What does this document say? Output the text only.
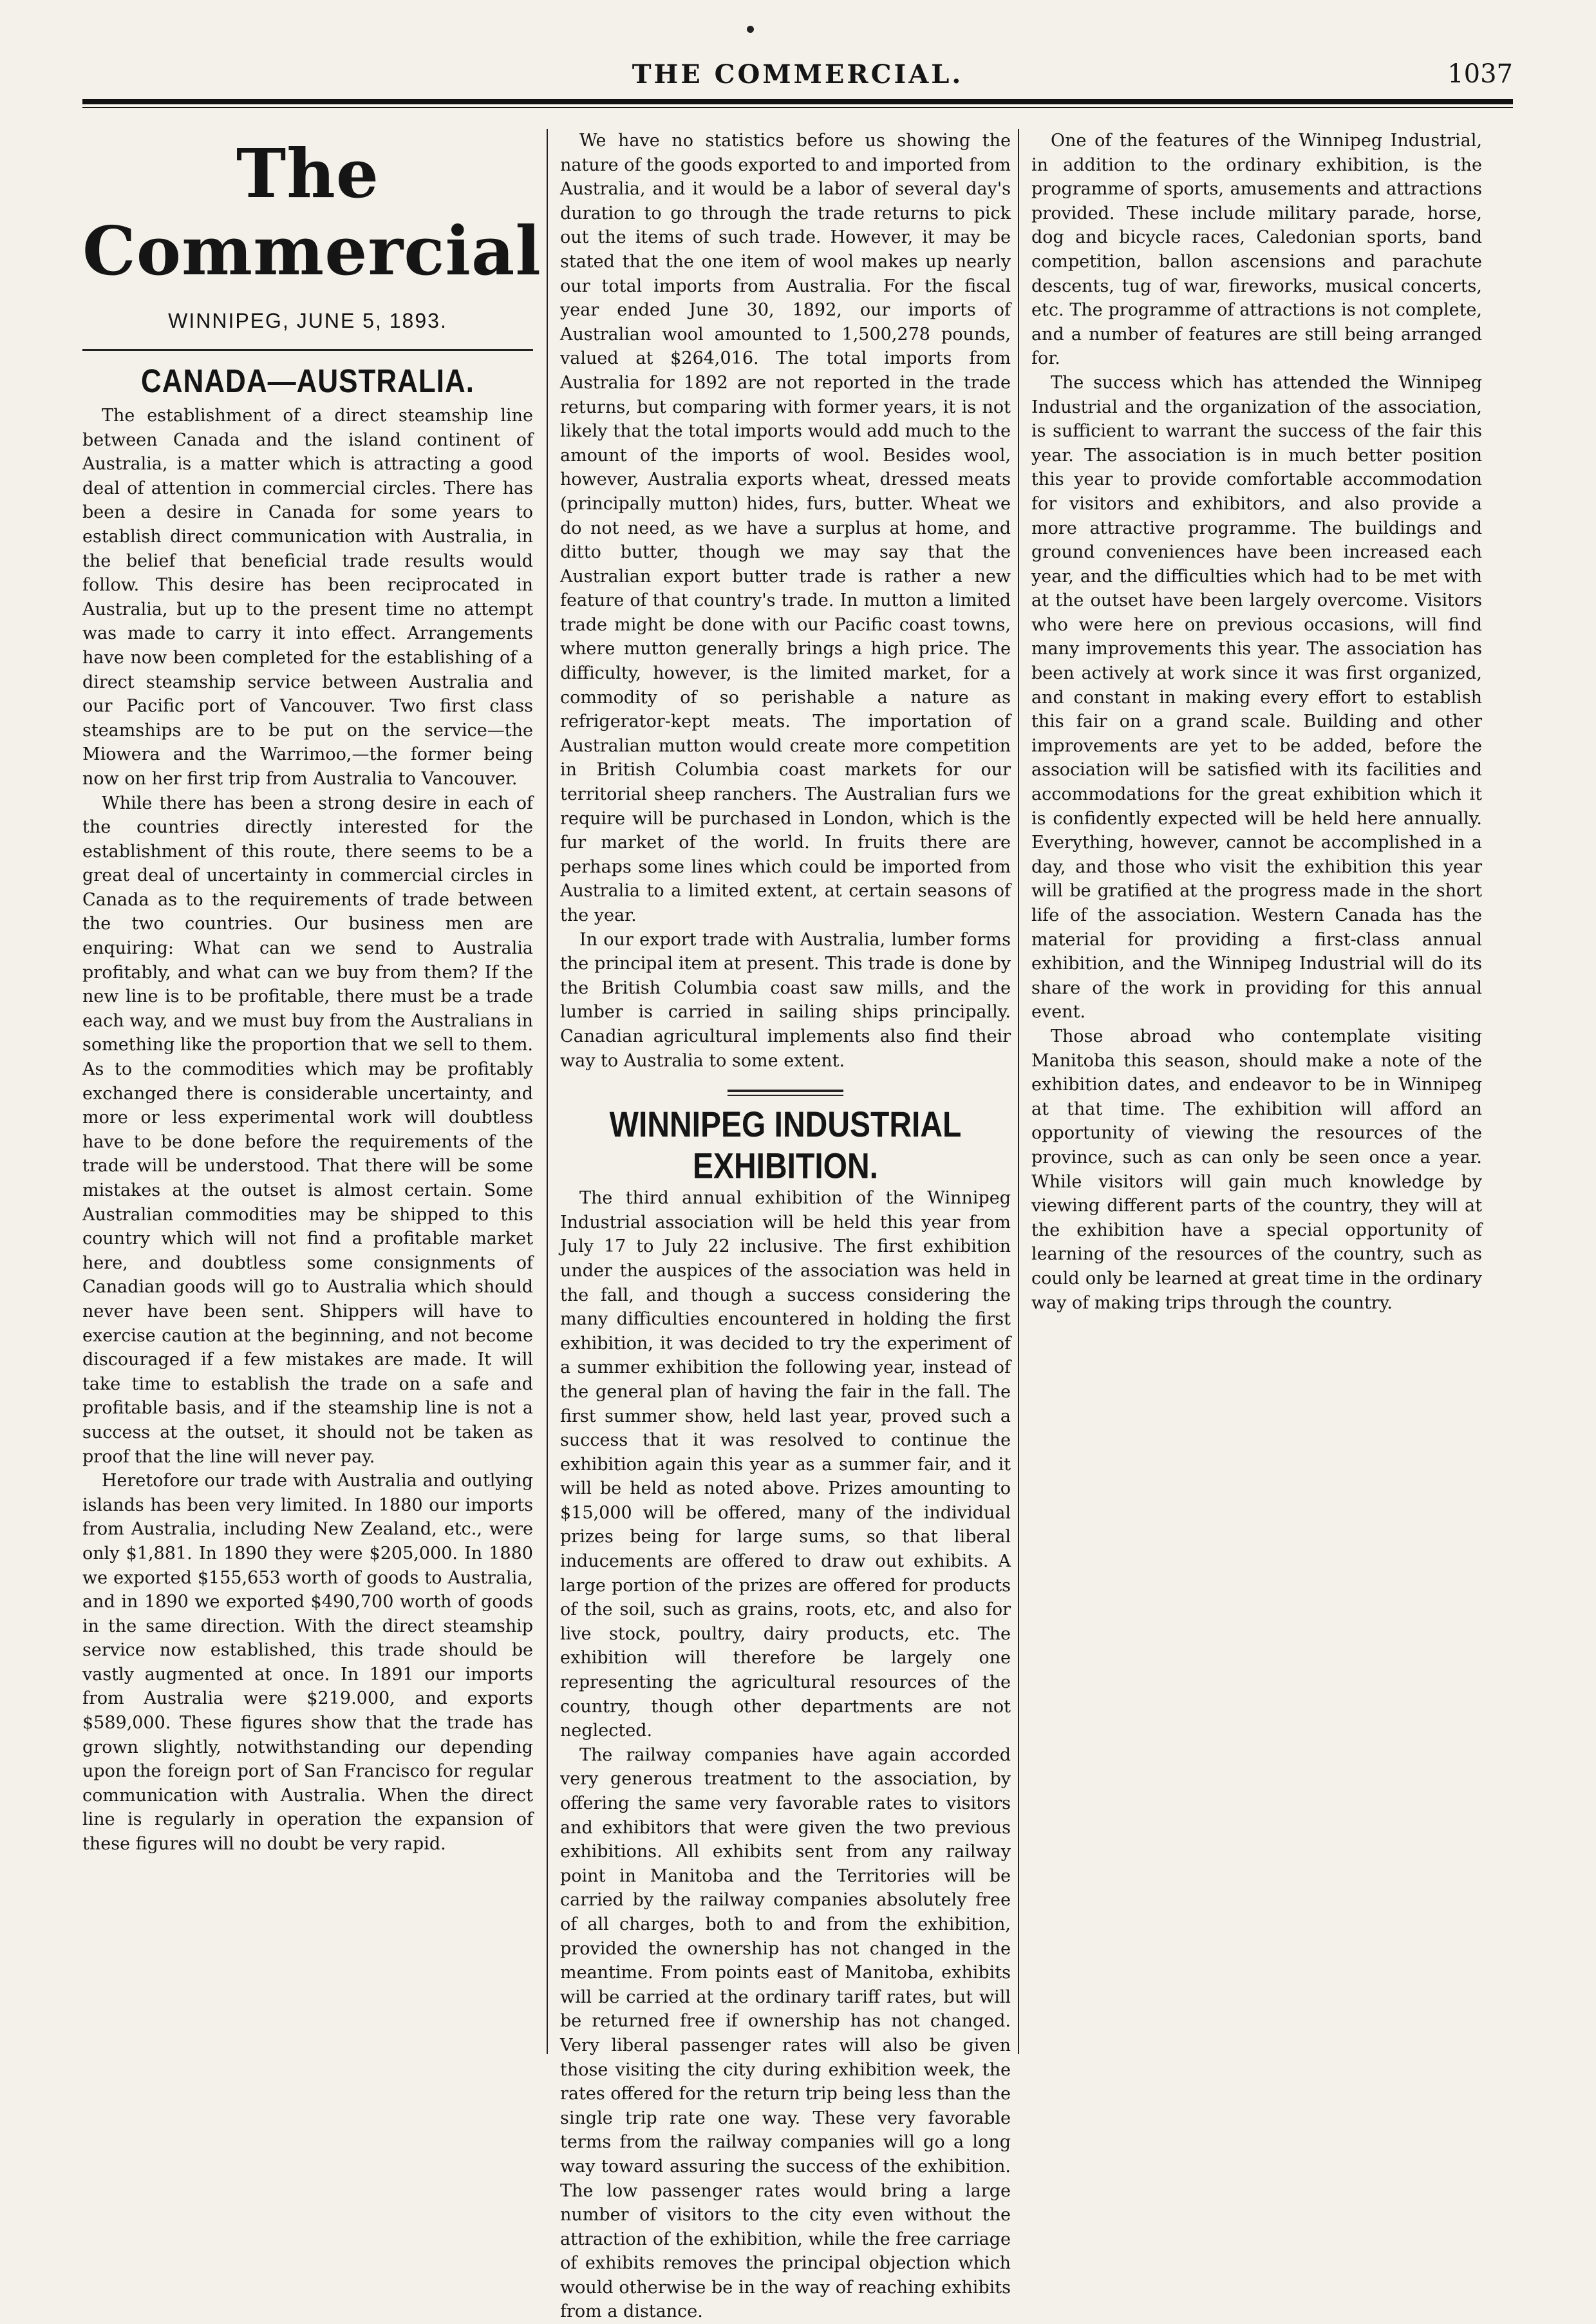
THE COMMERCIAL.	1037
The Commercial
WINNIPEG, JUNE 5, 1893.
CANADA—AUSTRALIA.

The establishment of a direct steamship line between Canada and the island continent of Australia, is a matter which is attracting a good deal of attention in commercial circles. There has been a desire in Canada for some years to establish direct communication with Australia, in the belief that beneficial trade results would follow. This desire has been reciprocated in Australia, but up to the present time no attempt was made to carry it into effect. Arrangements have now been completed for the establishing of a direct steamship service between Australia and our Pacific port of Vancouver. Two first class steamships are to be put on the service—the Miowera and the Warrimoo,—the former being now on her first trip from Australia to Vancouver.

While there has been a strong desire in each of the countries directly interested for the establishment of this route, there seems to be a great deal of uncertainty in commercial circles in Canada as to the requirements of trade between the two countries. Our business men are enquiring: What can we send to Australia profitably, and what can we buy from them? If the new line is to be profitable, there must be a trade each way, and we must buy from the Australians in something like the proportion that we sell to them. As to the commodities which may be profitably exchanged there is considerable uncertainty, and more or less experimental work will doubtless have to be done before the requirements of the trade will be understood. That there will be some mistakes at the outset is almost certain. Some Australian commodities may be shipped to this country which will not find a profitable market here, and doubtless some consignments of Canadian goods will go to Australia which should never have been sent. Shippers will have to exercise caution at the beginning, and not become discouraged if a few mistakes are made. It will take time to establish the trade on a safe and profitable basis, and if the steamship line is not a success at the outset, it should not be taken as proof that the line will never pay.

Heretofore our trade with Australia and outlying islands has been very limited. In 1880 our imports from Australia, including New Zealand, etc., were only $1,881. In 1890 they were $205,000. In 1880 we exported $155,653 worth of goods to Australia, and in 1890 we exported $490,700 worth of goods in the same direction. With the direct steamship service now established, this trade should be vastly augmented at once. In 1891 our imports from Australia were $219.000, and exports $589,000. These figures show that the trade has grown slightly, notwithstanding our depending upon the foreign port of San Francisco for regular communication with Australia. When the direct line is regularly in operation the expansion of these figures will no doubt be very rapid.

We have no statistics before us showing the nature of the goods exported to and imported from Australia, and it would be a labor of several day's duration to go through the trade returns to pick out the items of such trade. However, it may be stated that the one item of wool makes up nearly our total imports from Australia. For the fiscal year ended June 30, 1892, our imports of Australian wool amounted to 1,500,278 pounds, valued at $264,016. The total imports from Australia for 1892 are not reported in the trade returns, but comparing with former years, it is not likely that the total imports would add much to the amount of the imports of wool. Besides wool, however, Australia exports wheat, dressed meats (principally mutton) hides, furs, butter. Wheat we do not need, as we have a surplus at home, and ditto butter, though we may say that the Australian export butter trade is rather a new feature of that country's trade. In mutton a limited trade might be done with our Pacific coast towns, where mutton generally brings a high price. The difficulty, however, is the limited market, for a commodity of so perishable a nature as refrigerator-kept meats. The importation of Australian mutton would create more competition in British Columbia coast markets for our territorial sheep ranchers. The Australian furs we require will be purchased in London, which is the fur market of the world. In fruits there are perhaps some lines which could be imported from Australia to a limited extent, at certain seasons of the year.

In our export trade with Australia, lumber forms the principal item at present. This trade is done by the British Columbia coast saw mills, and the lumber is carried in sailing ships principally. Canadian agricultural implements also find their way to Australia to some extent.

WINNIPEG INDUSTRIAL EXHIBITION.

The third annual exhibition of the Winnipeg Industrial association will be held this year from July 17 to July 22 inclusive. The first exhibition under the auspices of the association was held in the fall, and though a success considering the many difficulties encountered in holding the first exhibition, it was decided to try the experiment of a summer exhibition the following year, instead of the general plan of having the fair in the fall. The first summer show, held last year, proved such a success that it was resolved to continue the exhibition again this year as a summer fair, and it will be held as noted above. Prizes amounting to $15,000 will be offered, many of the individual prizes being for large sums, so that liberal inducements are offered to draw out exhibits. A large portion of the prizes are offered for products of the soil, such as grains, roots, etc, and also for live stock, poultry, dairy products, etc. The exhibition will therefore be largely one representing the agricultural resources of the country, though other departments are not neglected.

The railway companies have again accorded very generous treatment to the association, by offering the same very favorable rates to visitors and exhibitors that were given the two previous exhibitions. All exhibits sent from any railway point in Manitoba and the Territories will be carried by the railway companies absolutely free of all charges, both to and from the exhibition, provided the ownership has not changed in the meantime. From points east of Manitoba, exhibits will be carried at the ordinary tariff rates, but will be returned free if ownership has not changed. Very liberal passenger rates will also be given those visiting the city during exhibition week, the rates offered for the return trip being less than the single trip rate one way. These very favorable terms from the railway companies will go a long way toward assuring the success of the exhibition. The low passenger rates would bring a large number of visitors to the city even without the attraction of the exhibition, while the free carriage of exhibits removes the principal objection which would otherwise be in the way of reaching exhibits from a distance.

One of the features of the Winnipeg Industrial, in addition to the ordinary exhibition, is the programme of sports, amusements and attractions provided. These include military parade, horse, dog and bicycle races, Caledonian sports, band competition, ballon ascensions and parachute descents, tug of war, fireworks, musical concerts, etc. The programme of attractions is not complete, and a number of features are still being arranged for.

The success which has attended the Winnipeg Industrial and the organization of the association, is sufficient to warrant the success of the fair this year. The association is in much better position this year to provide comfortable accommodation for visitors and exhibitors, and also provide a more attractive programme. The buildings and ground conveniences have been increased each year, and the difficulties which had to be met with at the outset have been largely overcome. Visitors who were here on previous occasions, will find many improvements this year. The association has been actively at work since it was first organized, and constant in making every effort to establish this fair on a grand scale. Building and other improvements are yet to be added, before the association will be satisfied with its facilities and accommodations for the great exhibition which it is confidently expected will be held here annually. Everything, however, cannot be accomplished in a day, and those who visit the exhibition this year will be gratified at the progress made in the short life of the association. Western Canada has the material for providing a first-class annual exhibition, and the Winnipeg Industrial will do its share of the work in providing for this annual event.

Those abroad who contemplate visiting Manitoba this season, should make a note of the exhibition dates, and endeavor to be in Winnipeg at that time. The exhibition will afford an opportunity of viewing the resources of the province, such as can only be seen once a year. While visitors will gain much knowledge by viewing different parts of the country, they will at the exhibition have a special opportunity of learning of the resources of the country, such as could only be learned at great time in the ordinary way of making trips through the country.
